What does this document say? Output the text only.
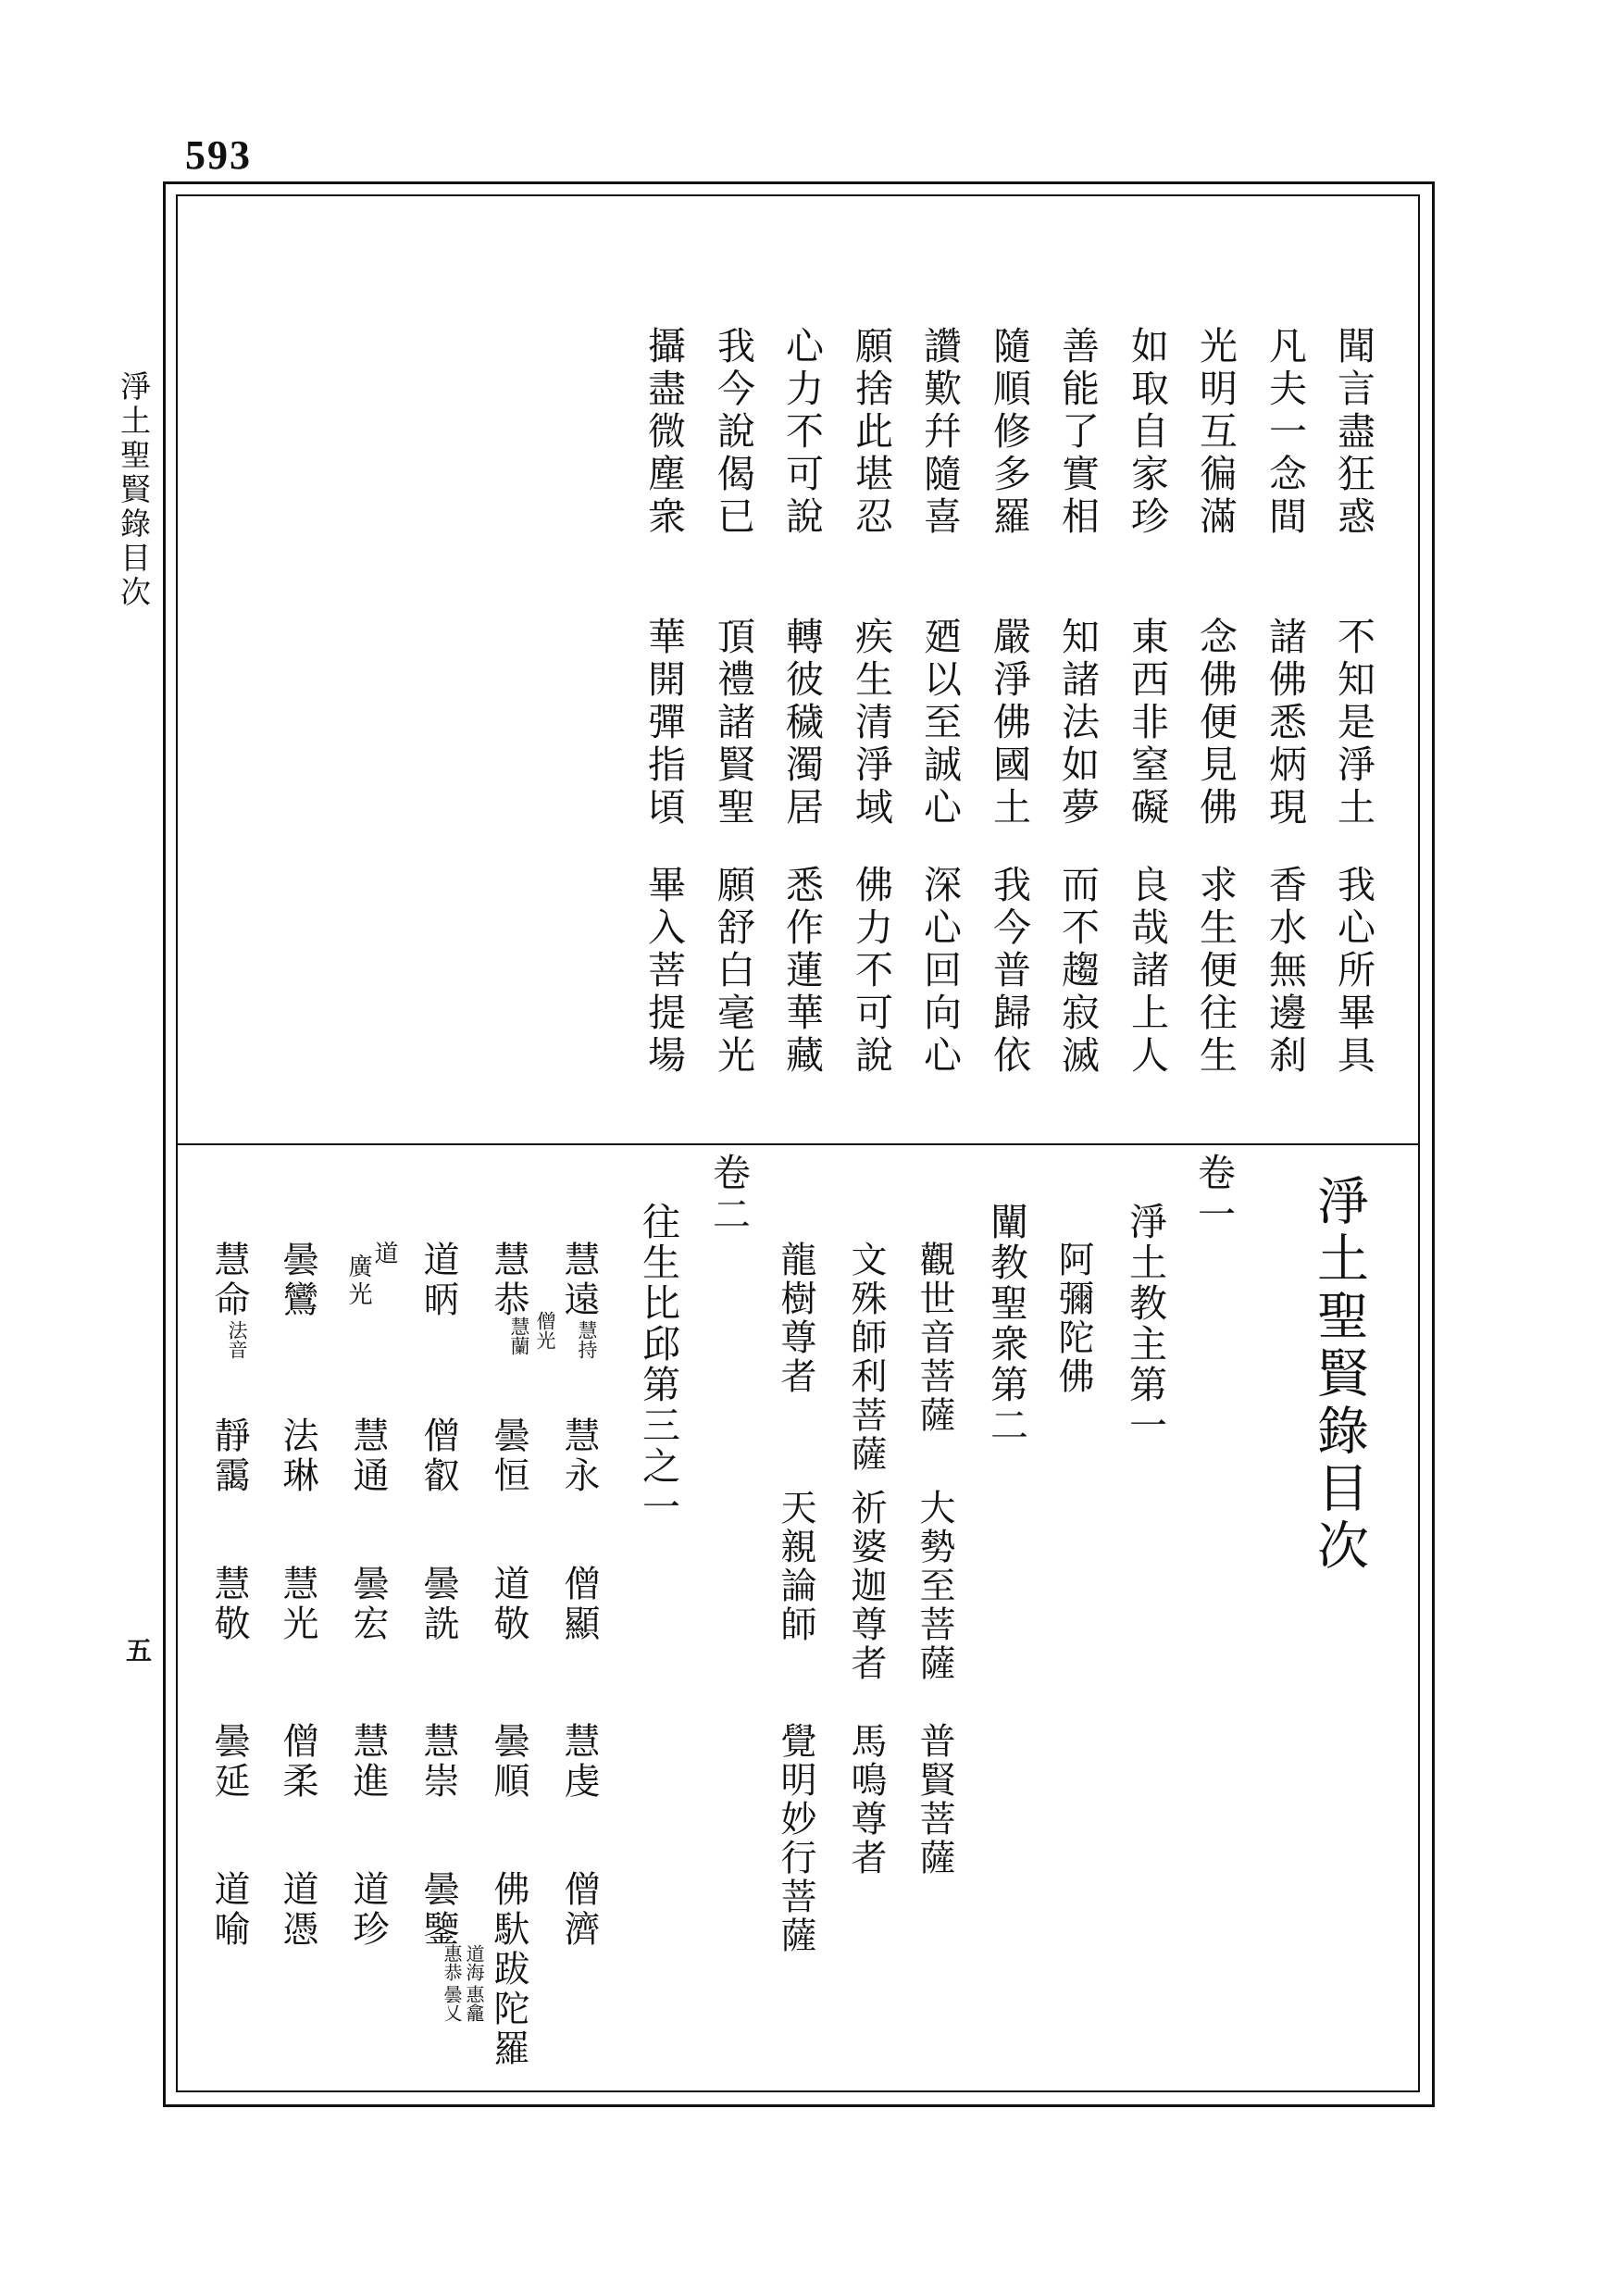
593
淨土聖賢錄目次
五
聞言盡狂惑
不知是淨土
我心所畢具
凡夫一念間
諸佛悉炳現
香水無邊刹
光明互徧滿
念佛便見佛
求生便往生
如取自家珍
東西非窒礙
良哉諸上人
善能了實相
知諸法如夢
而不趨寂滅
隨順修多羅
嚴淨佛國土
我今普歸依
讚歎幷隨喜
廼以至誠心
深心回向心
願捨此堪忍
疾生清淨域
佛力不可說
心力不可說
轉彼穢濁居
悉作蓮華藏
我今說偈已
頂禮諸賢聖
願舒白毫光
攝盡微塵衆
華開彈指頃
畢入菩提場
淨土聖賢錄目次
卷一
淨土教主第一
阿彌陀佛
闡教聖衆第二
觀世音菩薩
大勢至菩薩
普賢菩薩
文殊師利菩薩
祈婆迦尊者
馬鳴尊者
龍樹尊者
天親論師
覺明妙行菩薩
卷二
往生比邱第三之一
慧遠慧持
慧永
僧顯
慧虔
僧濟
慧恭
僧光
慧蘭
曇恒
道敬
曇順
佛馱跋陀羅
道昞
僧叡
曇詵
慧崇
曇鑒
道海
惠龕
惠恭
曇乂
道
廣
光
慧通
曇宏
慧進
道珍
曇鸞
法琳
慧光
僧柔
道憑
慧命法音
靜靄
慧敬
曇延
道喻
